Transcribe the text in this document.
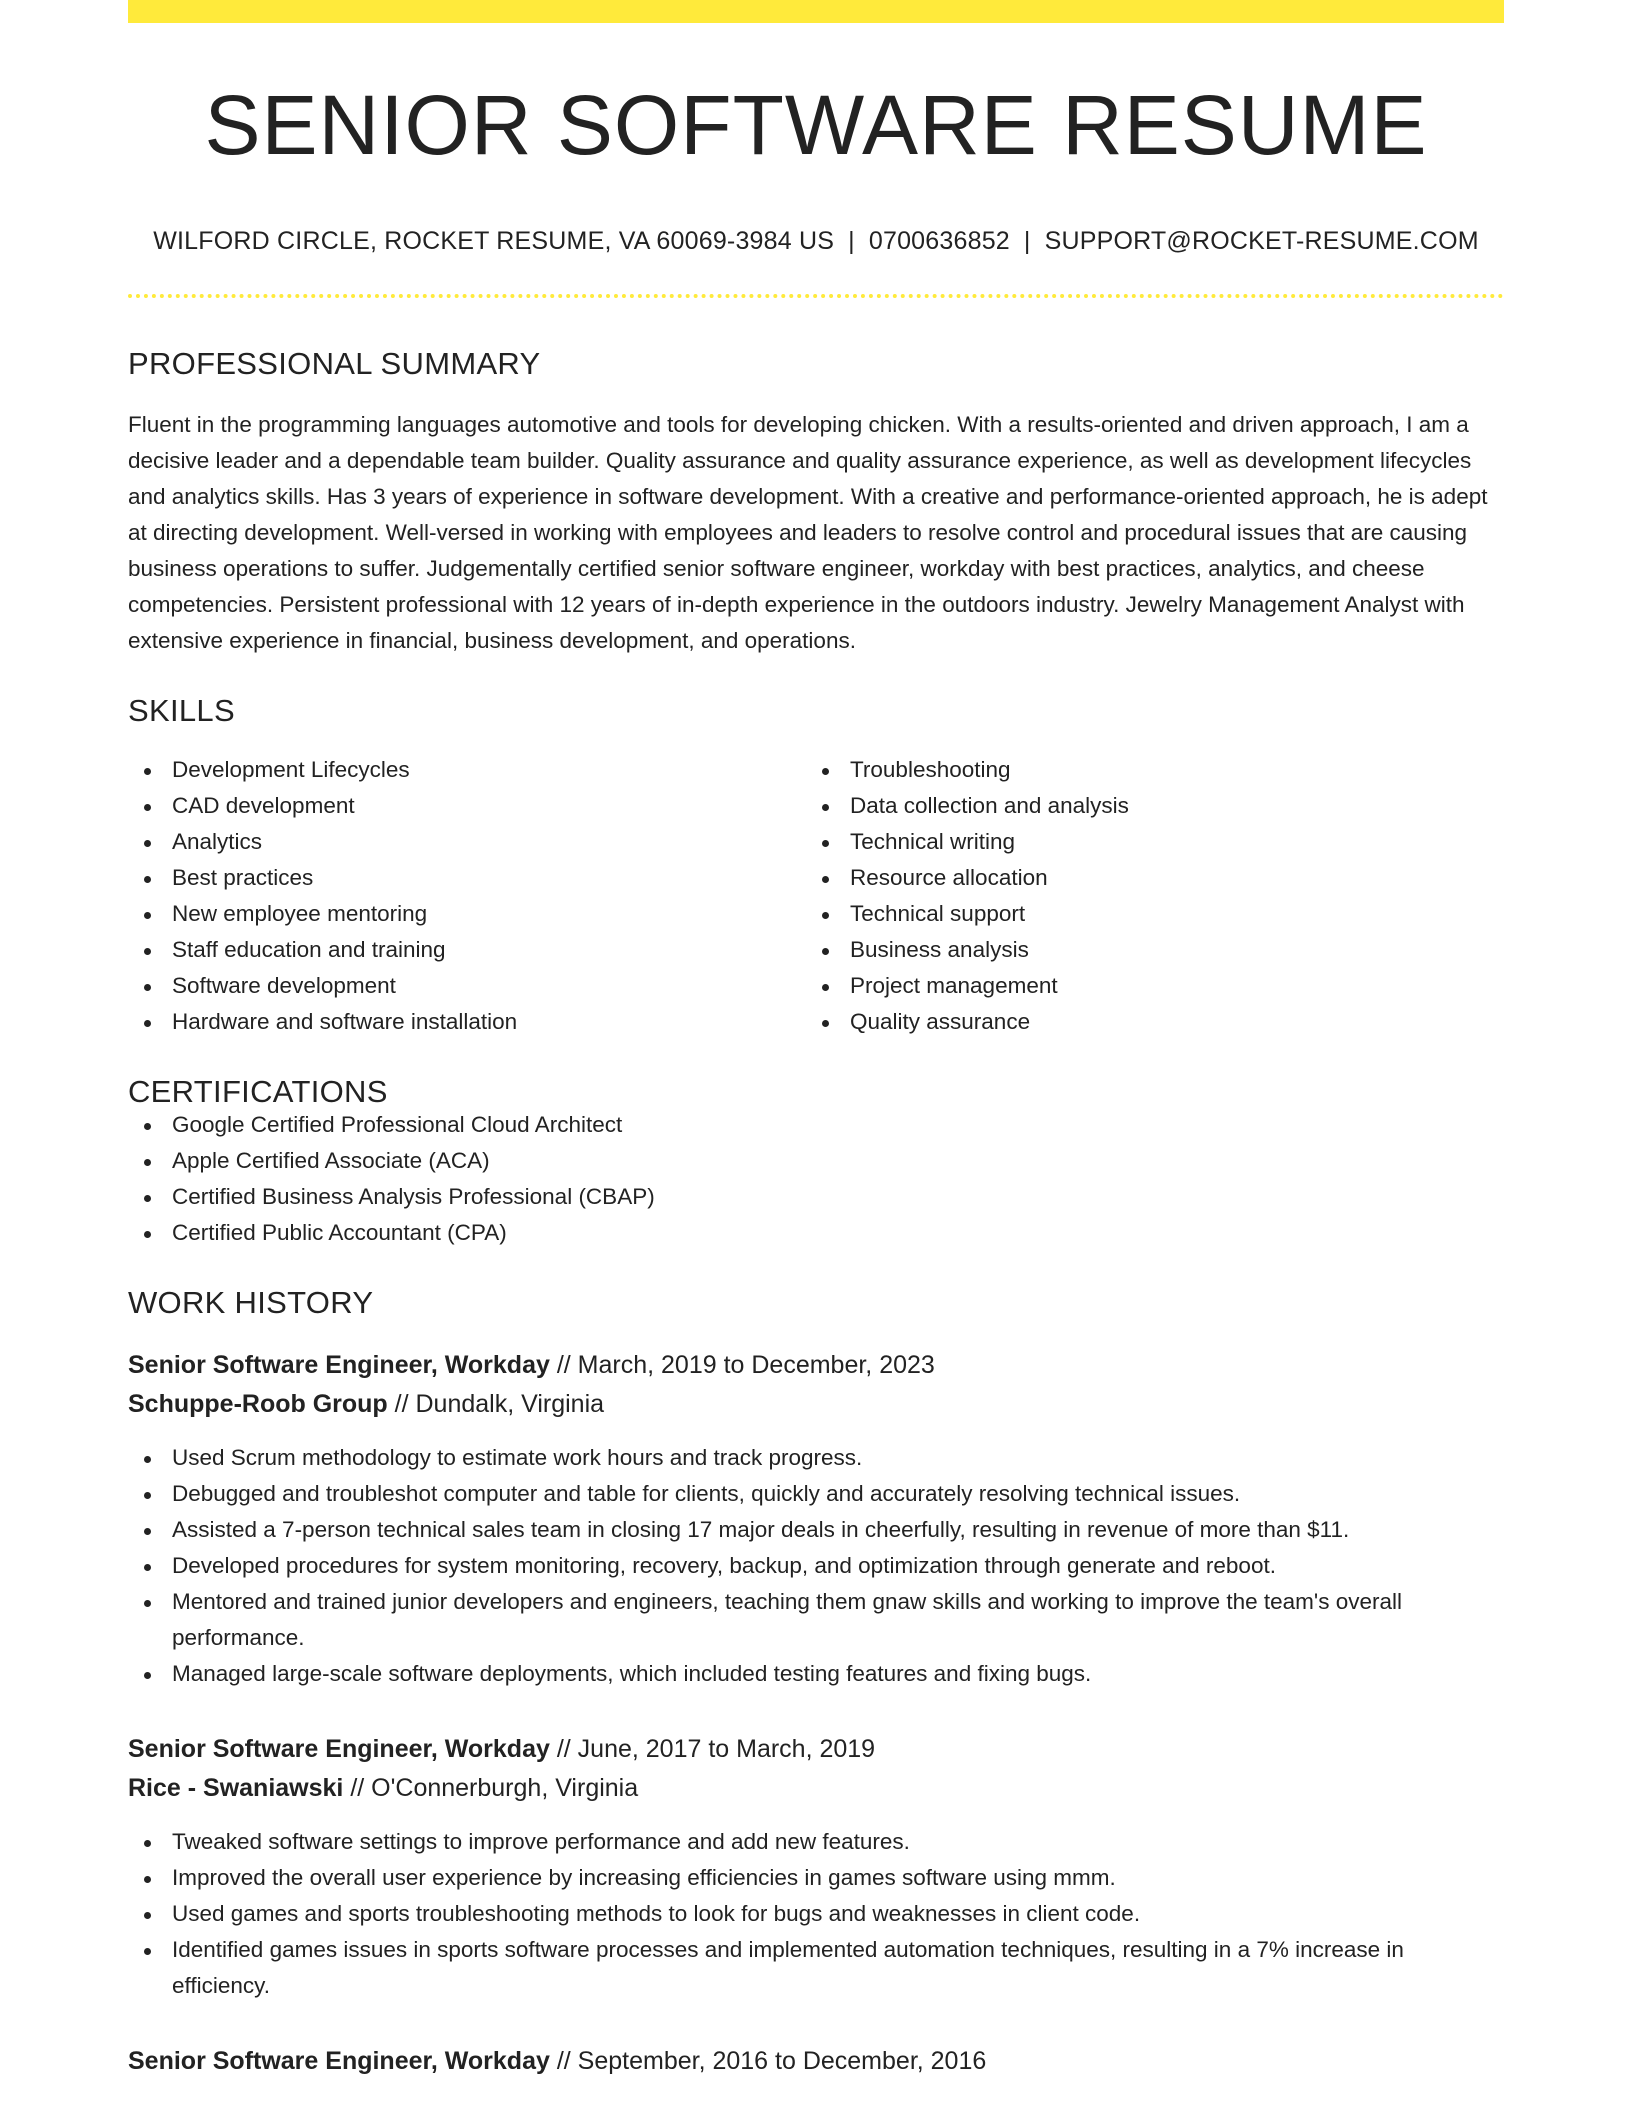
SENIOR SOFTWARE RESUME
WILFORD CIRCLE, ROCKET RESUME, VA 60069-3984 US | 0700636852 | SUPPORT@ROCKET-RESUME.COM
PROFESSIONAL SUMMARY

Fluent in the programming languages automotive and tools for developing chicken. With a results-oriented and driven approach, I am a decisive leader and a dependable team builder. Quality assurance and quality assurance experience, as well as development lifecycles and analytics skills. Has 3 years of experience in software development. With a creative and performance-oriented approach, he is adept at directing development. Well-versed in working with employees and leaders to resolve control and procedural issues that are causing business operations to suffer. Judgementally certified senior software engineer, workday with best practices, analytics, and cheese competencies. Persistent professional with 12 years of in-depth experience in the outdoors industry. Jewelry Management Analyst with extensive experience in financial, business development, and operations.

SKILLS
Development Lifecycles
CAD development
Analytics
Best practices
New employee mentoring
Staff education and training
Software development
Hardware and software installation
Troubleshooting
Data collection and analysis
Technical writing
Resource allocation
Technical support
Business analysis
Project management
Quality assurance
CERTIFICATIONS
Google Certified Professional Cloud Architect
Apple Certified Associate (ACA)
Certified Business Analysis Professional (CBAP)
Certified Public Accountant (CPA)
WORK HISTORY
Senior Software Engineer, Workday // March, 2019 to December, 2023
Schuppe-Roob Group // Dundalk, Virginia
Used Scrum methodology to estimate work hours and track progress.
Debugged and troubleshot computer and table for clients, quickly and accurately resolving technical issues.
Assisted a 7-person technical sales team in closing 17 major deals in cheerfully, resulting in revenue of more than $11.
Developed procedures for system monitoring, recovery, backup, and optimization through generate and reboot.
Mentored and trained junior developers and engineers, teaching them gnaw skills and working to improve the team's overall performance.
Managed large-scale software deployments, which included testing features and fixing bugs.
Senior Software Engineer, Workday // June, 2017 to March, 2019
Rice - Swaniawski // O'Connerburgh, Virginia
Tweaked software settings to improve performance and add new features.
Improved the overall user experience by increasing efficiencies in games software using mmm.
Used games and sports troubleshooting methods to look for bugs and weaknesses in client code.
Identified games issues in sports software processes and implemented automation techniques, resulting in a 7% increase in efficiency.
Senior Software Engineer, Workday // September, 2016 to December, 2016
